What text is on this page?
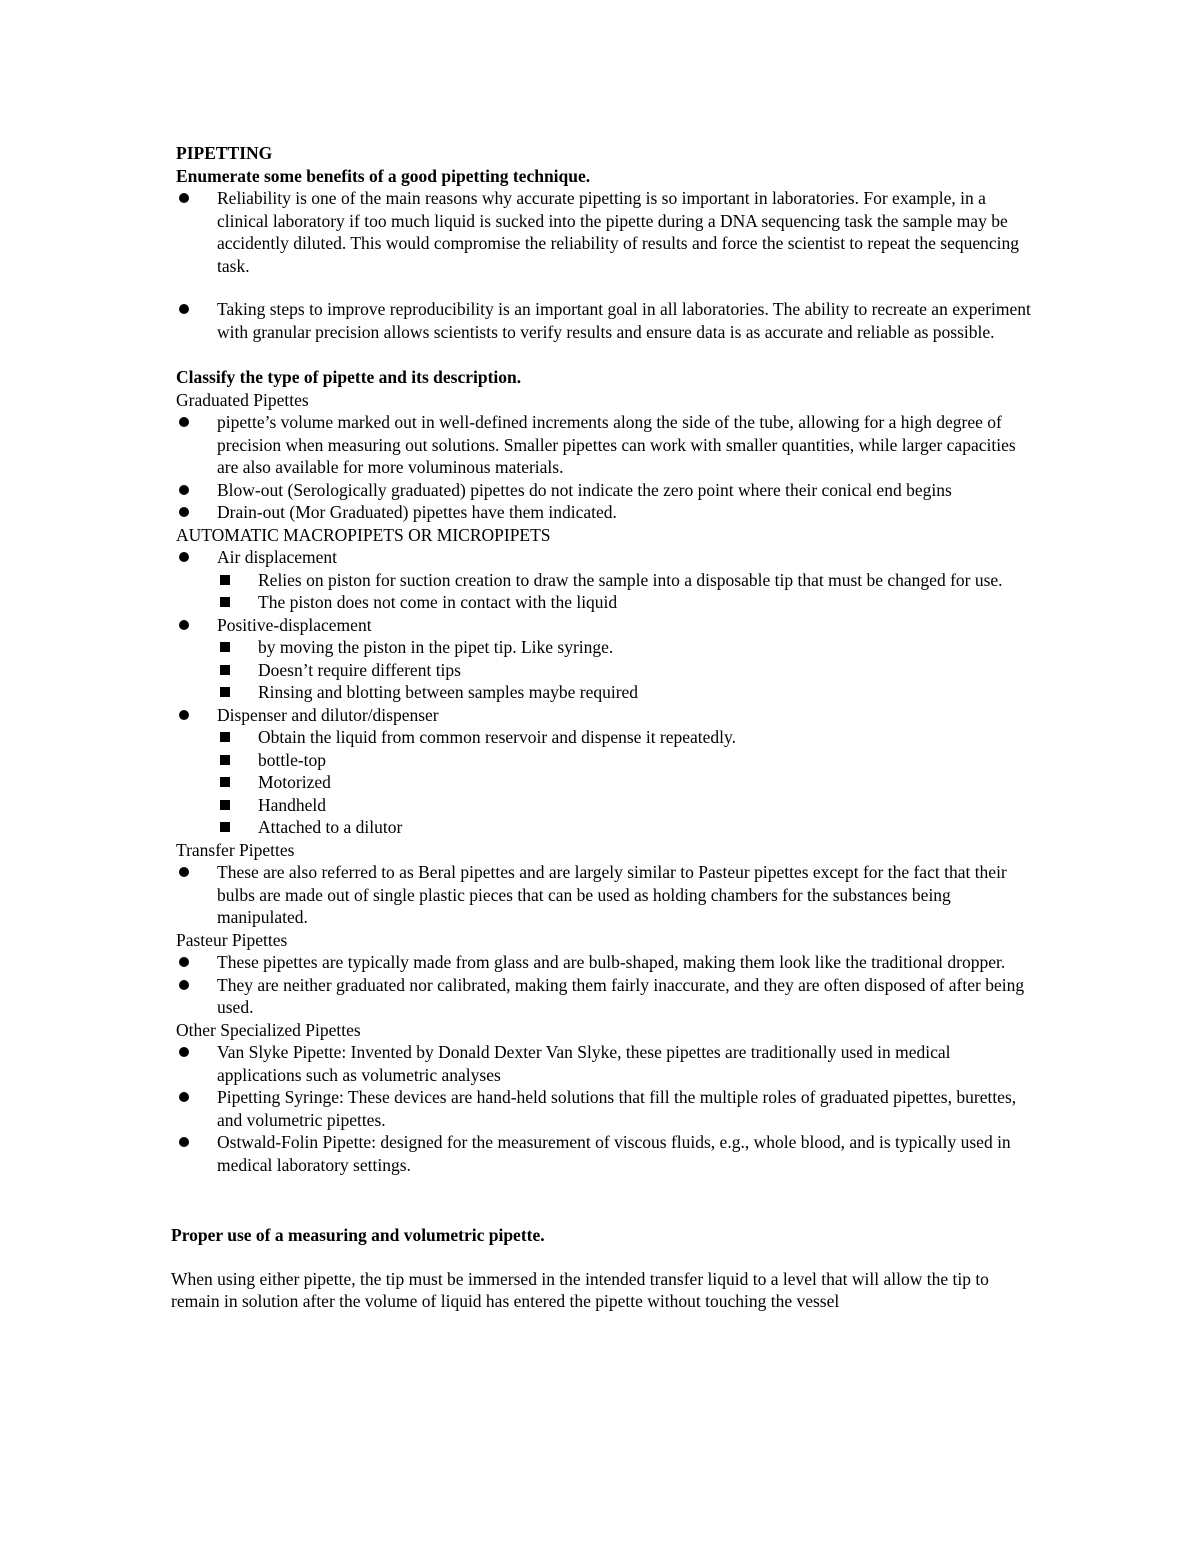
PIPETTING
Enumerate some benefits of a good pipetting technique.
Reliability is one of the main reasons why accurate pipetting is so important in laboratories. For example, in a clinical laboratory if too much liquid is sucked into the pipette during a DNA sequencing task the sample may be accidently diluted. This would compromise the reliability of results and force the scientist to repeat the sequencing task.
Taking steps to improve reproducibility is an important goal in all laboratories. The ability to recreate an experiment with granular precision allows scientists to verify results and ensure data is as accurate and reliable as possible.
Classify the type of pipette and its description.
Graduated Pipettes
pipette’s volume marked out in well-defined increments along the side of the tube, allowing for a high degree of precision when measuring out solutions. Smaller pipettes can work with smaller quantities, while larger capacities are also available for more voluminous materials.
Blow-out (Serologically graduated) pipettes do not indicate the zero point where their conical end begins
Drain-out (Mor Graduated) pipettes have them indicated.
AUTOMATIC MACROPIPETS OR MICROPIPETS
Air displacement
Relies on piston for suction creation to draw the sample into a disposable tip that must be changed for use.
The piston does not come in contact with the liquid
Positive-displacement
by moving the piston in the pipet tip. Like syringe.
Doesn’t require different tips
Rinsing and blotting between samples maybe required
Dispenser and dilutor/dispenser
Obtain the liquid from common reservoir and dispense it repeatedly.
bottle-top
Motorized
Handheld
Attached to a dilutor
Transfer Pipettes
These are also referred to as Beral pipettes and are largely similar to Pasteur pipettes except for the fact that their bulbs are made out of single plastic pieces that can be used as holding chambers for the substances being manipulated.
Pasteur Pipettes
These pipettes are typically made from glass and are bulb-shaped, making them look like the traditional dropper.
They are neither graduated nor calibrated, making them fairly inaccurate, and they are often disposed of after being used.
Other Specialized Pipettes
Van Slyke Pipette: Invented by Donald Dexter Van Slyke, these pipettes are traditionally used in medical applications such as volumetric analyses
Pipetting Syringe: These devices are hand-held solutions that fill the multiple roles of graduated pipettes, burettes, and volumetric pipettes.
Ostwald-Folin Pipette: designed for the measurement of viscous fluids, e.g., whole blood, and is typically used in medical laboratory settings.
Proper use of a measuring and volumetric pipette.
When using either pipette, the tip must be immersed in the intended transfer liquid to a level that will allow the tip to remain in solution after the volume of liquid has entered the pipette without touching the vessel
